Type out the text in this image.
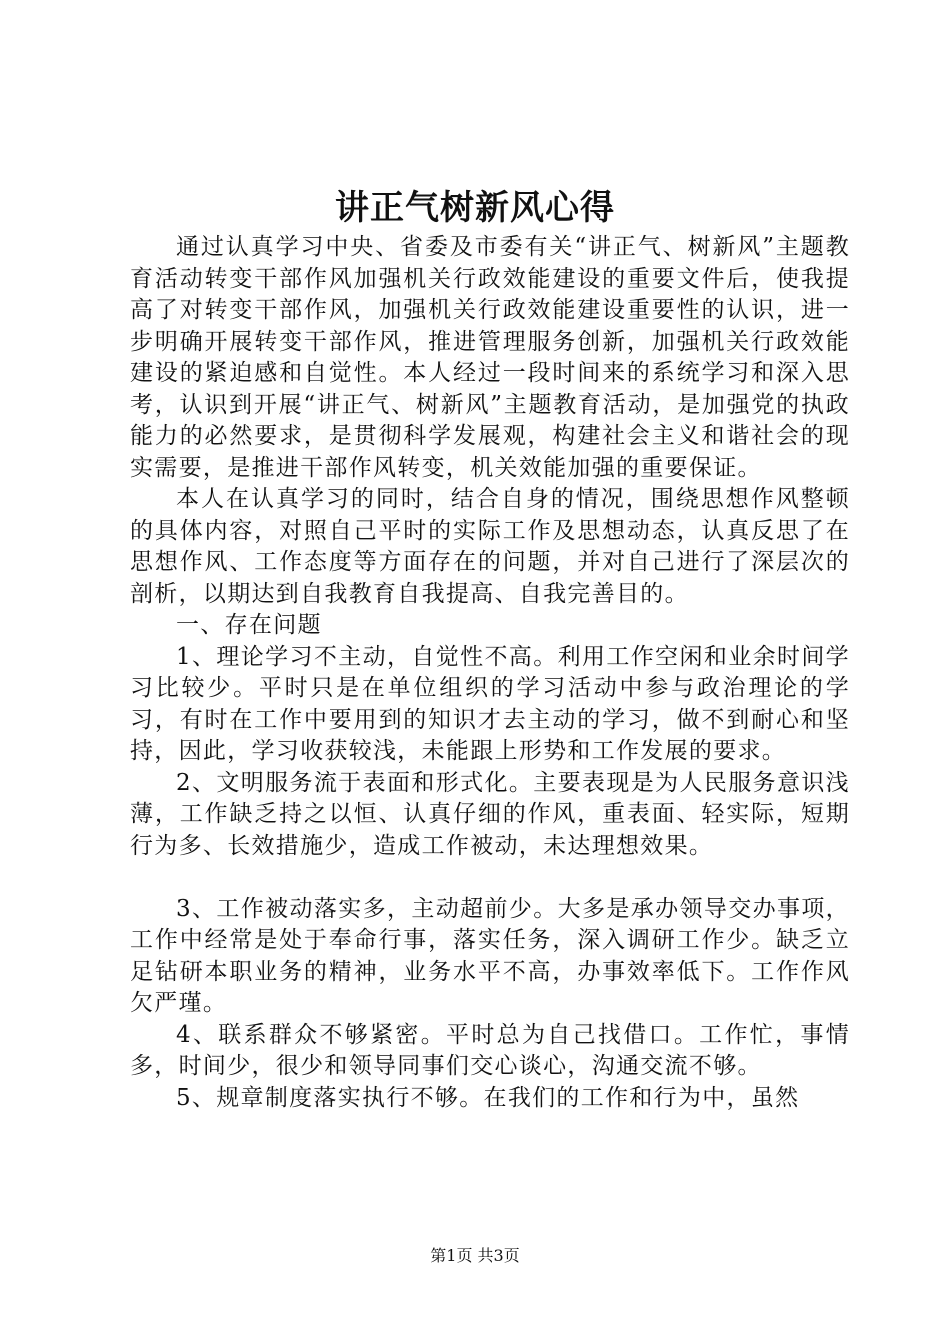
讲正气树新风心得

通过认真学习中央、省委及市委有关“讲正气、树新风”主题教育活动转变干部作风加强机关行政效能建设的重要文件后，使我提高了对转变干部作风，加强机关行政效能建设重要性的认识，进一步明确开展转变干部作风，推进管理服务创新，加强机关行政效能建设的紧迫感和自觉性。本人经过一段时间来的系统学习和深入思考，认识到开展“讲正气、树新风”主题教育活动，是加强党的执政能力的必然要求，是贯彻科学发展观，构建社会主义和谐社会的现实需要，是推进干部作风转变，机关效能加强的重要保证。

本人在认真学习的同时，结合自身的情况，围绕思想作风整顿的具体内容，对照自己平时的实际工作及思想动态，认真反思了在思想作风、工作态度等方面存在的问题，并对自己进行了深层次的剖析，以期达到自我教育自我提高、自我完善目的。

一、存在问题

1、理论学习不主动，自觉性不高。利用工作空闲和业余时间学习比较少。平时只是在单位组织的学习活动中参与政治理论的学习，有时在工作中要用到的知识才去主动的学习，做不到耐心和坚持，因此，学习收获较浅，未能跟上形势和工作发展的要求。

2、文明服务流于表面和形式化。主要表现是为人民服务意识浅薄，工作缺乏持之以恒、认真仔细的作风，重表面、轻实际，短期行为多、长效措施少，造成工作被动，未达理想效果。

3、工作被动落实多，主动超前少。大多是承办领导交办事项，工作中经常是处于奉命行事，落实任务，深入调研工作少。缺乏立足钻研本职业务的精神，业务水平不高，办事效率低下。工作作风欠严瑾。

4、联系群众不够紧密。平时总为自己找借口。工作忙，事情多，时间少，很少和领导同事们交心谈心，沟通交流不够。

5、规章制度落实执行不够。在我们的工作和行为中，虽然

第1页 共3页
